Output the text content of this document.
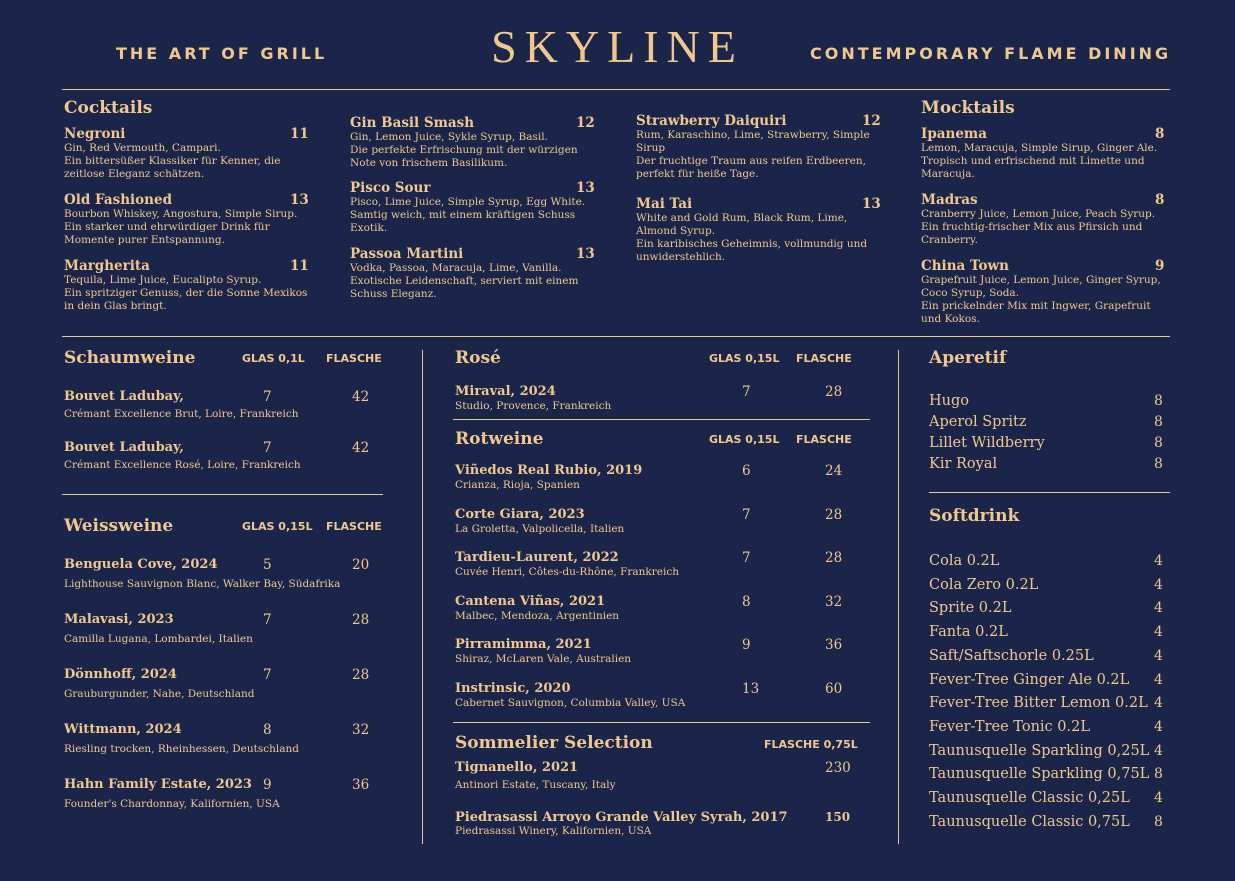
THE ART OF GRILL	SKYLINE	CONTEMPORARY FLAME DINING
Cocktails	Mocktails
Negroni
Gin, Red Vermouth, Campari.
Ein bittersüßer Klassiker für Kenner, die zeitlose Eleganz schätzen.
11
Old Fashioned
Bourbon Whiskey, Angostura, Simple Sirup.
Ein starker und ehrwürdiger Drink für Momente purer Entspannung.
13
Margherita
Tequila, Lime Juice, Eucalipto Syrup.
Ein spritziger Genuss, der die Sonne Mexikos in dein Glas bringt.
11
Gin Basil Smash
Gin, Lemon Juice, Sykle Syrup, Basil.
Die perfekte Erfrischung mit der würzigen Note von frischem Basilikum.
12
Pisco Sour
Pisco, Lime Juice, Simple Syrup, Egg White.
Samtig weich, mit einem kräftigen Schuss Exotik.
13
Passoa Martini
Vodka, Passoa, Maracuja, Lime, Vanilla.
Exotische Leidenschaft, serviert mit einem Schuss Eleganz.
13
Strawberry Daiquiri
Rum, Karaschino, Lime, Strawberry, Simple Sirup
Der fruchtige Traum aus reifen Erdbeeren, perfekt für heiße Tage.
12
Mai Tai
White and Gold Rum, Black Rum, Lime, Almond Syrup.
Ein karibisches Geheimnis, vollmundig und unwiderstehlich.
13
Ipanema
Lemon, Maracuja, Simple Sirup, Ginger Ale.
Tropisch und erfrischend mit Limette und Maracuja.
8
Madras
Cranberry Juice, Lemon Juice, Peach Syrup.
Ein fruchtig-frischer Mix aus Pfirsich und Cranberry.
8
China Town
Grapefruit Juice, Lemon Juice, Ginger Syrup, Coco Syrup, Soda.
Ein prickelnder Mix mit Ingwer, Grapefruit und Kokos.
9
Schaumweine	GLAS 0,1L FLASCHE
Bouvet Ladubay,
Crémant Excellence Brut, Loire, Frankreich
7	42
Bouvet Ladubay,
Crémant Excellence Rosé, Loire, Frankreich
7	42
Weissweine	GLAS 0,15L FLASCHE
Benguela Cove, 2024
Lighthouse Sauvignon Blanc, Walker Bay, Südafrika
5	20
Malavasi, 2023
Camilla Lugana, Lombardei, Italien
7	28
Dönnhoff, 2024
Grauburgunder, Nahe, Deutschland
7	28
Wittmann, 2024
Riesling trocken, Rheinhessen, Deutschland
8	32
Hahn Family Estate, 2023
Founder's Chardonnay, Kalifornien, USA
9	36
Rosé	GLAS 0,15L FLASCHE
Miraval, 2024
Studio, Provence, Frankreich
7	28
Rotweine	GLAS 0,15L FLASCHE
Viñedos Real Rubio, 2019
Crianza, Rioja, Spanien
6	24
Corte Giara, 2023
La Groletta, Valpolicella, Italien
7	28
Tardieu-Laurent, 2022
Cuvée Henri, Côtes-du-Rhône, Frankreich
7	28
Cantena Viñas, 2021
Malbec, Mendoza, Argentinien
8	32
Pirramimma, 2021
Shiraz, McLaren Vale, Australien
9	36
Instrinsic, 2020
Cabernet Sauvignon, Columbia Valley, USA
13	60
Sommelier Selection	FLASCHE 0,75L
Tignanello, 2021
Antinori Estate, Tuscany, Italy
230
Piedrasassi Arroyo Grande Valley Syrah, 2017
Piedrasassi Winery, Kalifornien, USA
150
Aperetif
Hugo	8
Aperol Spritz	8
Lillet Wildberry	8
Kir Royal	8
Softdrink
Cola 0.2L	4
Cola Zero 0.2L	4
Sprite 0.2L	4
Fanta 0.2L	4
Saft/Saftschorle 0.25L	4
Fever-Tree Ginger Ale 0.2L 4
Fever-Tree Bitter Lemon 0.2L 4
Fever-Tree Tonic 0.2L	4
Taunusquelle Sparkling 0,25L 4
Taunusquelle Sparkling 0,75L 8
Taunusquelle Classic 0,25L 4
Taunusquelle Classic 0,75L 8
